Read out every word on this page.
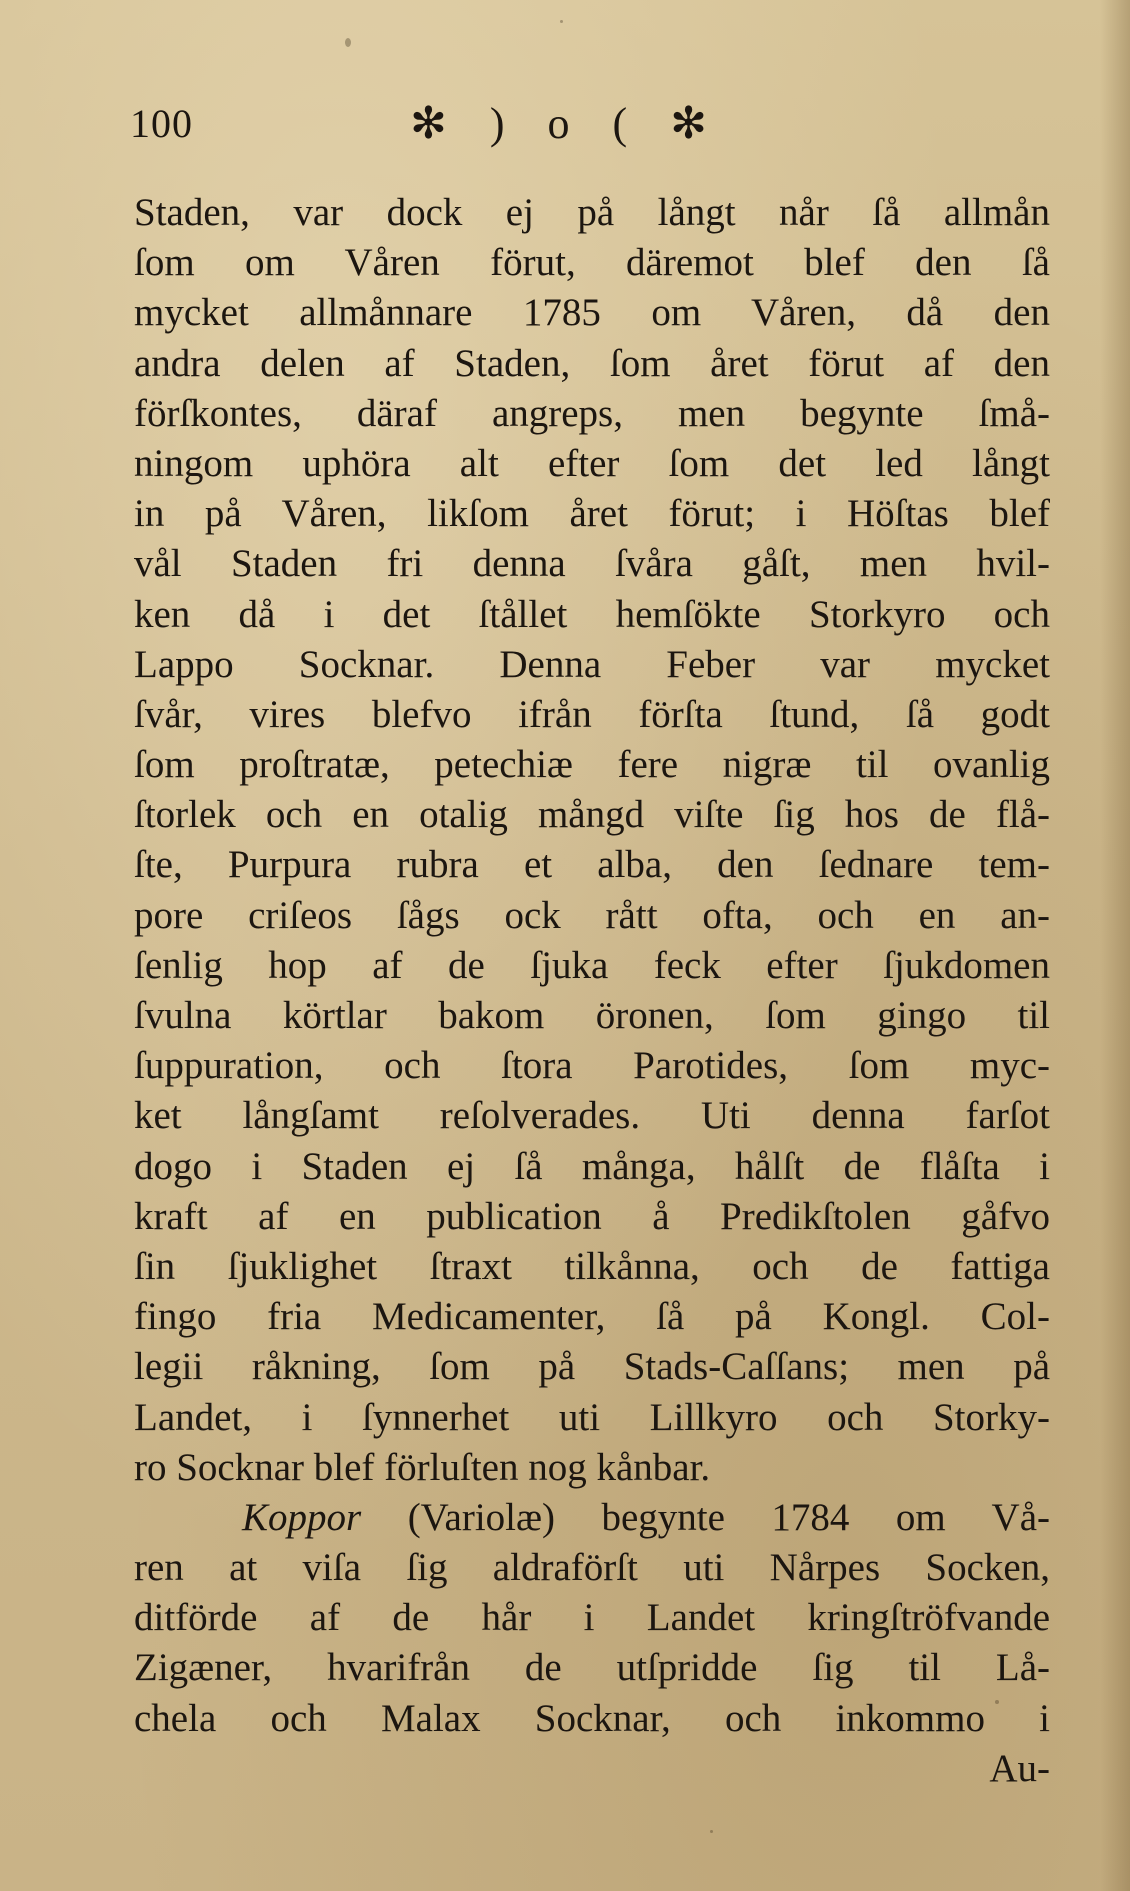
100	✻ ) o ( ✻
Staden, var dock ej på långt når ſå allmån
ſom om Våren förut, däremot blef den ſå
mycket allmånnare 1785 om Våren, då den
andra delen af Staden, ſom året förut af den
förſkontes, däraf angreps, men begynte ſmå-
ningom uphöra alt efter ſom det led långt
in på Våren, likſom året förut; i Höſtas blef
vål Staden fri denna ſvåra gåſt, men hvil-
ken då i det ſtållet hemſökte Storkyro och
Lappo Socknar. Denna Feber var mycket
ſvår, vires blefvo ifrån förſta ſtund, ſå godt
ſom proſtratæ, petechiæ fere nigræ til ovanlig
ſtorlek och en otalig mångd viſte ſig hos de flå-
ſte, Purpura rubra et alba, den ſednare tem-
pore criſeos ſågs ock rått ofta, och en an-
ſenlig hop af de ſjuka feck efter ſjukdomen
ſvulna körtlar bakom öronen, ſom gingo til
ſuppuration, och ſtora Parotides, ſom myc-
ket långſamt reſolverades. Uti denna farſot
dogo i Staden ej ſå många, hålſt de flåſta i
kraft af en publication å Predikſtolen gåfvo
ſin ſjuklighet ſtraxt tilkånna, och de fattiga
fingo fria Medicamenter, ſå på Kongl. Col-
legii råkning, ſom på Stads-Caſſans; men på
Landet, i ſynnerhet uti Lillkyro och Storky-
ro Socknar blef förluſten nog kånbar.
Koppor (Variolæ) begynte 1784 om Vå-
ren at viſa ſig aldraförſt uti Nårpes Socken,
ditförde af de hår i Landet kringſtröfvande
Zigæner, hvarifrån de utſpridde ſig til Lå-
chela och Malax Socknar, och inkommo i
Au-
